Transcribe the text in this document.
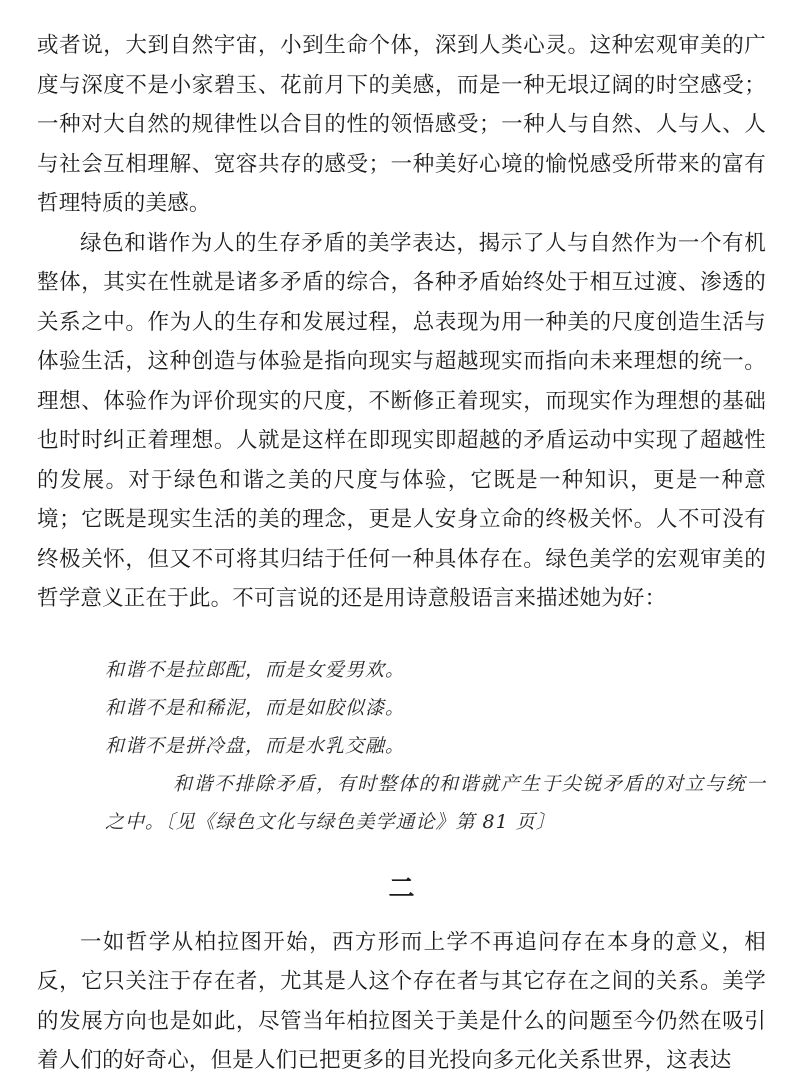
或者说，大到自然宇宙，小到生命个体，深到人类心灵。这种宏观审美的广度与深度不是小家碧玉、花前月下的美感，而是一种无垠辽阔的时空感受；一种对大自然的规律性以合目的性的领悟感受；一种人与自然、人与人、人与社会互相理解、宽容共存的感受；一种美好心境的愉悦感受所带来的富有哲理特质的美感。

绿色和谐作为人的生存矛盾的美学表达，揭示了人与自然作为一个有机整体，其实在性就是诸多矛盾的综合，各种矛盾始终处于相互过渡、渗透的关系之中。作为人的生存和发展过程，总表现为用一种美的尺度创造生活与体验生活，这种创造与体验是指向现实与超越现实而指向未来理想的统一。理想、体验作为评价现实的尺度，不断修正着现实，而现实作为理想的基础也时时纠正着理想。人就是这样在即现实即超越的矛盾运动中实现了超越性的发展。对于绿色和谐之美的尺度与体验，它既是一种知识，更是一种意境；它既是现实生活的美的理念，更是人安身立命的终极关怀。人不可没有终极关怀，但又不可将其归结于任何一种具体存在。绿色美学的宏观审美的哲学意义正在于此。不可言说的还是用诗意般语言来描述她为好：

和谐不是拉郎配，而是女爱男欢。

和谐不是和稀泥，而是如胶似漆。

和谐不是拼冷盘，而是水乳交融。

和谐不排除矛盾，有时整体的和谐就产生于尖锐矛盾的对立与统一之中。〔见《绿色文化与绿色美学通论》第 81 页〕

二

一如哲学从柏拉图开始，西方形而上学不再追问存在本身的意义，相反，它只关注于存在者，尤其是人这个存在者与其它存在之间的关系。美学的发展方向也是如此，尽管当年柏拉图关于美是什么的问题至今仍然在吸引着人们的好奇心，但是人们已把更多的目光投向多元化关系世界，这表达
